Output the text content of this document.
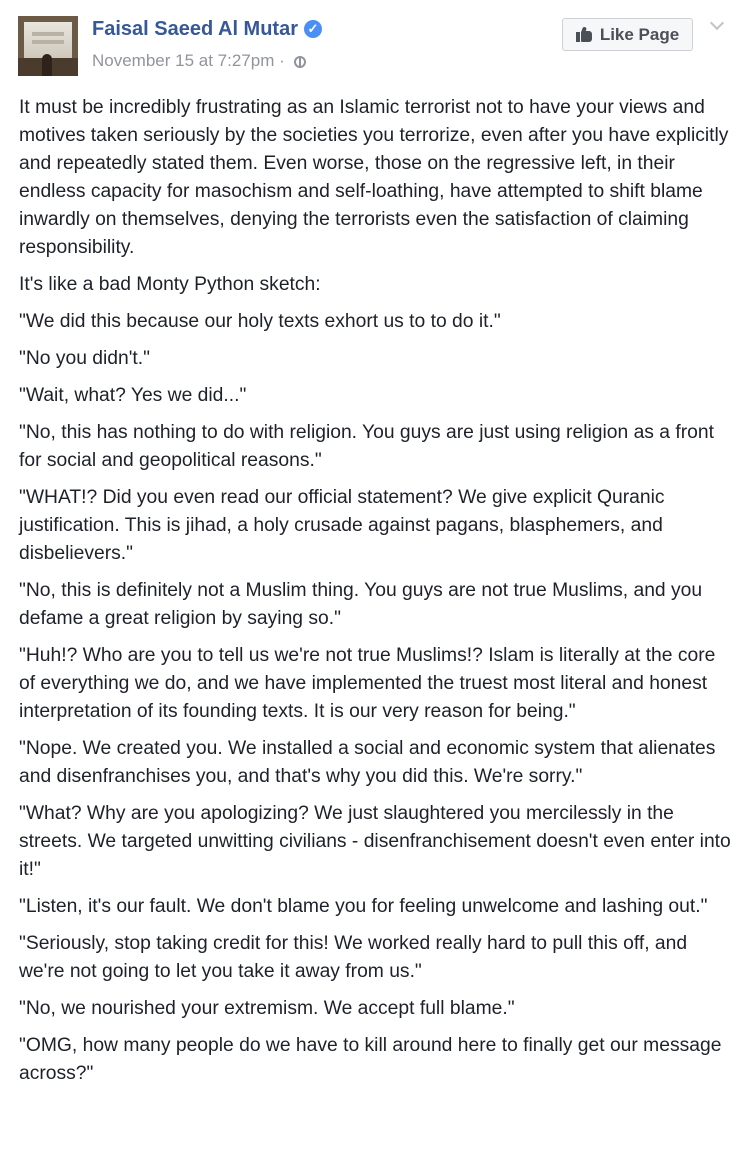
Faisal Saeed Al Mutar ✓
November 15 at 7:27pm ·
Like Page

It must be incredibly frustrating as an Islamic terrorist not to have your views and motives taken seriously by the societies you terrorize, even after you have explicitly and repeatedly stated them. Even worse, those on the regressive left, in their endless capacity for masochism and self-loathing, have attempted to shift blame inwardly on themselves, denying the terrorists even the satisfaction of claiming responsibility.

It's like a bad Monty Python sketch:

"We did this because our holy texts exhort us to to do it."

"No you didn't."

"Wait, what? Yes we did..."

"No, this has nothing to do with religion. You guys are just using religion as a front for social and geopolitical reasons."

"WHAT!? Did you even read our official statement? We give explicit Quranic justification. This is jihad, a holy crusade against pagans, blasphemers, and disbelievers."

"No, this is definitely not a Muslim thing. You guys are not true Muslims, and you defame a great religion by saying so."

"Huh!? Who are you to tell us we're not true Muslims!? Islam is literally at the core of everything we do, and we have implemented the truest most literal and honest interpretation of its founding texts. It is our very reason for being."

"Nope. We created you. We installed a social and economic system that alienates and disenfranchises you, and that's why you did this. We're sorry."

"What? Why are you apologizing? We just slaughtered you mercilessly in the streets. We targeted unwitting civilians - disenfranchisement doesn't even enter into it!"

"Listen, it's our fault. We don't blame you for feeling unwelcome and lashing out."

"Seriously, stop taking credit for this! We worked really hard to pull this off, and we're not going to let you take it away from us."

"No, we nourished your extremism. We accept full blame."

"OMG, how many people do we have to kill around here to finally get our message across?"
